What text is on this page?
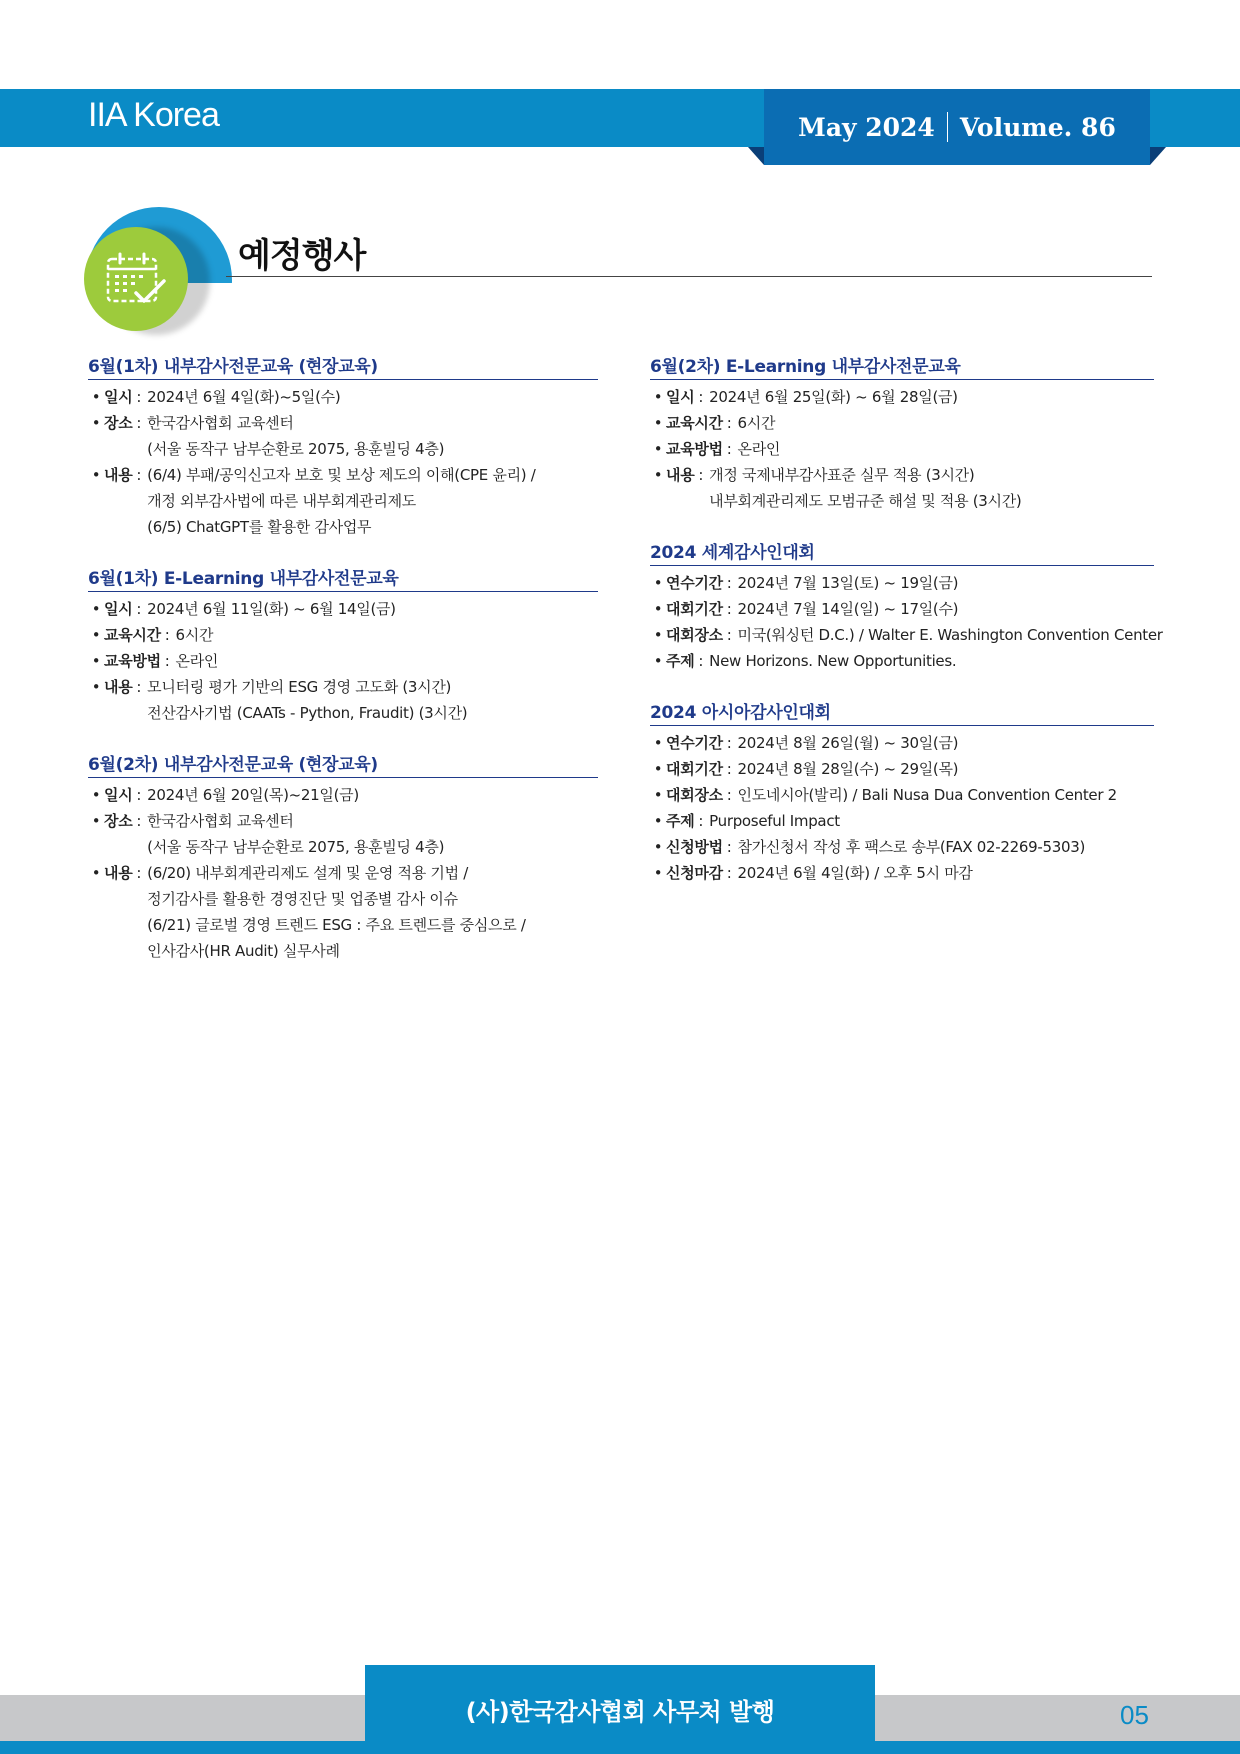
IIA Korea	May 2024 Volume. 86
예정행사
6월(1차) 내부감사전문교육 (현장교육)
• 일시 : 2024년 6월 4일(화)~5일(수)
• 장소 : 한국감사협회 교육센터
(서울 동작구 남부순환로 2075, 용훈빌딩 4층)
• 내용 : (6/4) 부패/공익신고자 보호 및 보상 제도의 이해(CPE 윤리) /
개정 외부감사법에 따른 내부회계관리제도
(6/5) ChatGPT를 활용한 감사업무
6월(1차) E-Learning 내부감사전문교육
• 일시 : 2024년 6월 11일(화) ~ 6월 14일(금)
• 교육시간 : 6시간
• 교육방법 : 온라인
• 내용 : 모니터링 평가 기반의 ESG 경영 고도화 (3시간)
전산감사기법 (CAATs - Python, Fraudit) (3시간)
6월(2차) 내부감사전문교육 (현장교육)
• 일시 : 2024년 6월 20일(목)~21일(금)
• 장소 : 한국감사협회 교육센터
(서울 동작구 남부순환로 2075, 용훈빌딩 4층)
• 내용 : (6/20) 내부회계관리제도 설계 및 운영 적용 기법 /
정기감사를 활용한 경영진단 및 업종별 감사 이슈
(6/21) 글로벌 경영 트렌드 ESG : 주요 트렌드를 중심으로 /
인사감사(HR Audit) 실무사례
6월(2차) E-Learning 내부감사전문교육
• 일시 : 2024년 6월 25일(화) ~ 6월 28일(금)
• 교육시간 : 6시간
• 교육방법 : 온라인
• 내용 : 개정 국제내부감사표준 실무 적용 (3시간)
내부회계관리제도 모범규준 해설 및 적용 (3시간)
2024 세계감사인대회
• 연수기간 : 2024년 7월 13일(토) ~ 19일(금)
• 대회기간 : 2024년 7월 14일(일) ~ 17일(수)
• 대회장소 : 미국(워싱턴 D.C.) / Walter E. Washington Convention Center
• 주제 : New Horizons. New Opportunities.
2024 아시아감사인대회
• 연수기간 : 2024년 8월 26일(월) ~ 30일(금)
• 대회기간 : 2024년 8월 28일(수) ~ 29일(목)
• 대회장소 : 인도네시아(발리) / Bali Nusa Dua Convention Center 2
• 주제 : Purposeful Impact
• 신청방법 : 참가신청서 작성 후 팩스로 송부(FAX 02-2269-5303)
• 신청마감 : 2024년 6월 4일(화) / 오후 5시 마감
(사)한국감사협회 사무처 발행	05
